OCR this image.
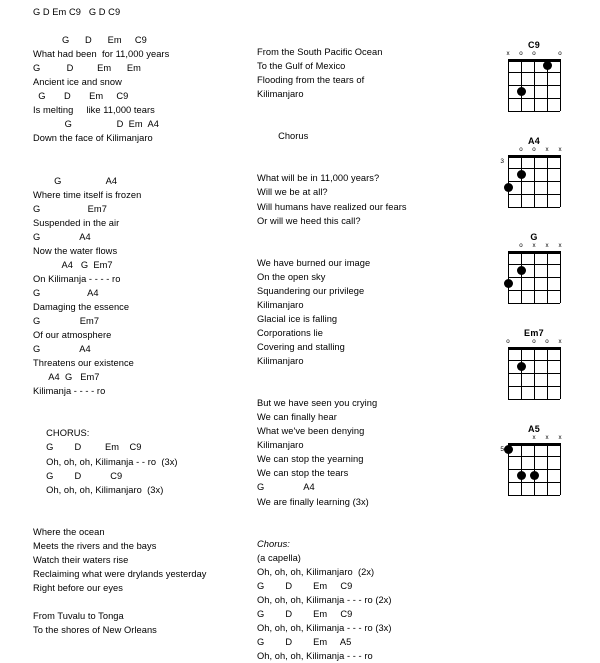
G D Em C9   G D C9

G      D      Em     C9
What had been  for 11,000 years
G          D         Em      Em
Ancient ice and snow
G       D       Em     C9
Is melting     like 11,000 tears
G                 D  Em  A4
Down the face of Kilimanjaro

G                 A4
Where time itself is frozen
G                  Em7
Suspended in the air
G               A4
Now the water flows
A4   G  Em7
On Kilimanja - - - - ro
G                  A4
Damaging the essence
G               Em7
Of our atmosphere
G               A4
Threatens our existence
A4  G   Em7
Kilimanja - - - - ro

CHORUS:
G        D         Em    C9
Oh, oh, oh, Kilimanja - - ro  (3x)
G        D           C9
Oh, oh, oh, Kilimanjaro  (3x)

Where the ocean
Meets the rivers and the bays
Watch their waters rise
Reclaiming what were drylands yesterday
Right before our eyes

From Tuvalu to Tonga
To the shores of New Orleans
From the South Pacific Ocean
To the Gulf of Mexico
Flooding from the tears of
Kilimanjaro

Chorus

What will be in 11,000 years?
Will we be at all?
Will humans have realized our fears
Or will we heed this call?

We have burned our image
On the open sky
Squandering our privilege
Kilimanjaro
Glacial ice is falling
Corporations lie
Covering and stalling
Kilimanjaro

But we have seen you crying
We can finally hear
What we've been denying
Kilimanjaro
We can stop the yearning
We can stop the tears
G               A4
We are finally learning (3x)

Chorus:
(a capella)
Oh, oh, oh, Kilimanjaro  (2x)
G        D        Em     C9
Oh, oh, oh, Kilimanja - - - ro (2x)
G        D        Em     C9
Oh, oh, oh, Kilimanja - - - ro (3x)
G        D        Em     A5
Oh, oh, oh, Kilimanja - - - ro
C9
x	o	o	o
A4
o	o	x	x
3
G
o	x	x	x
Em7
o	o	o	x
A5
x	x	x
5
